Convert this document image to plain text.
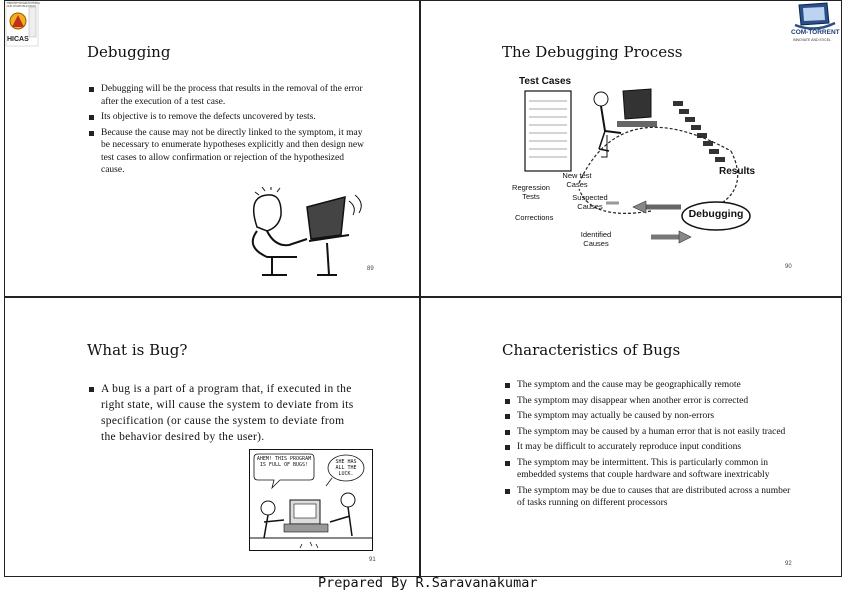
HINDUSTHAN EDUCATIONAL
AND CHARITABLE TRUST
HICAS
Debugging
Debugging will be the process that results in the removal of the error after the execution of a test case.
Its objective is to remove the defects uncovered by tests.
Because the cause may not be directly linked to the symptom, it may be necessary to enumerate hypotheses explicitly and then design new test cases to allow confirmation or rejection of the hypothesized cause.
89
COM-TORRENT
INNOVATE AND EXCEL
The Debugging Process
Test Cases
Results
New test Cases
Regression Tests	Suspected Causes
Corrections	Debugging
Identified Causes
90
What is Bug?
A bug is a part of a program that, if executed in the right state, will cause the system to deviate from its specification (or cause the system to deviate from the behavior desired by the user).
AHEM! THIS PROGRAM IS FULL OF BUGS!	SHE HAS ALL THE LUCK.
91
Characteristics of Bugs
The symptom and the cause may be geographically remote
The symptom may disappear when another error is corrected
The symptom may actually be caused by non-errors
The symptom may be caused by a human error that is not easily traced
It may be difficult to accurately reproduce input conditions
The symptom may be intermittent. This is particularly common in embedded systems that couple hardware and software inextricably
The symptom may be due to causes that are distributed across a number of tasks running on different processors
92
Prepared By R.Saravanakumar
